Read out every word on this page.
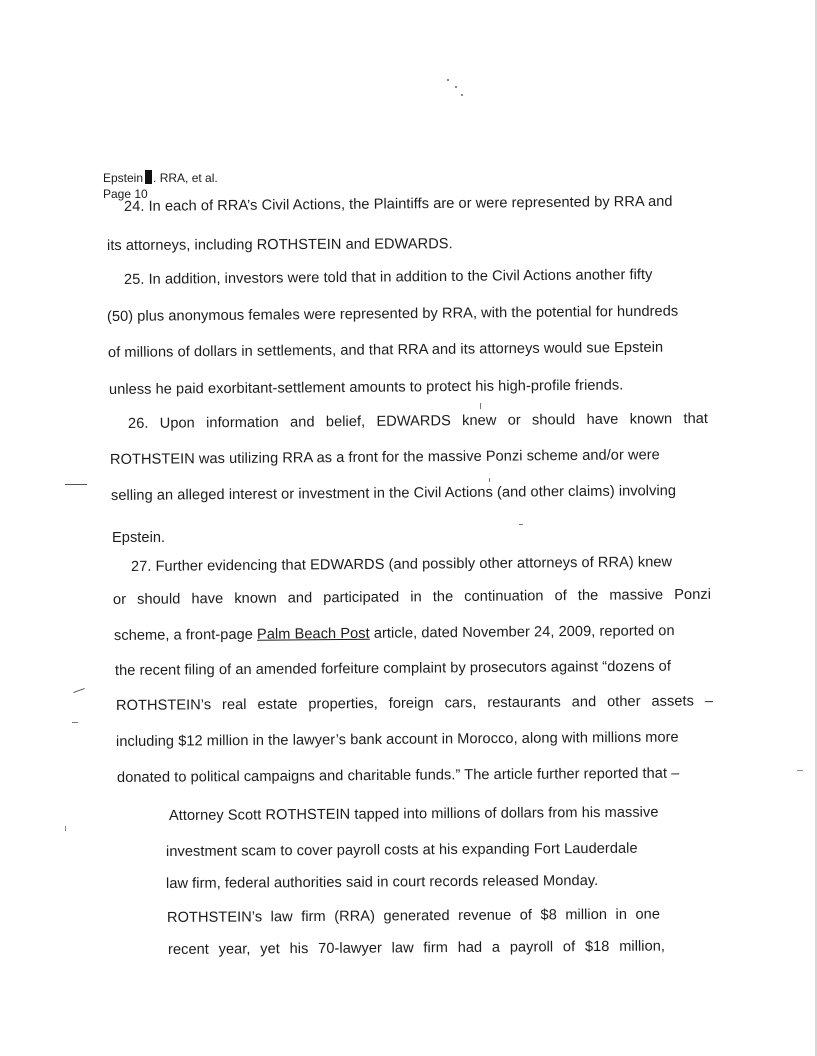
Epstein . RRA, et al.
Page 10
24. In each of RRA’s Civil Actions, the Plaintiffs are or were represented by RRA and
its attorneys, including ROTHSTEIN and EDWARDS.
25. In addition, investors were told that in addition to the Civil Actions another fifty
(50) plus anonymous females were represented by RRA, with the potential for hundreds
of millions of dollars in settlements, and that RRA and its attorneys would sue Epstein
unless he paid exorbitant-settlement amounts to protect his high-profile friends.
26. Upon information and belief, EDWARDS knew or should have known that
ROTHSTEIN was utilizing RRA as a front for the massive Ponzi scheme and/or were
selling an alleged interest or investment in the Civil Actions (and other claims) involving
Epstein.
27. Further evidencing that EDWARDS (and possibly other attorneys of RRA) knew
or should have known and participated in the continuation of the massive Ponzi
scheme, a front-page Palm Beach Post article, dated November 24, 2009, reported on
the recent filing of an amended forfeiture complaint by prosecutors against “dozens of
ROTHSTEIN’s real estate properties, foreign cars, restaurants and other assets –
including $12 million in the lawyer’s bank account in Morocco, along with millions more
donated to political campaigns and charitable funds.” The article further reported that –
Attorney Scott ROTHSTEIN tapped into millions of dollars from his massive
investment scam to cover payroll costs at his expanding Fort Lauderdale
law firm, federal authorities said in court records released Monday.
ROTHSTEIN’s law firm (RRA) generated revenue of $8 million in one
recent year, yet his 70-lawyer law firm had a payroll of $18 million,
